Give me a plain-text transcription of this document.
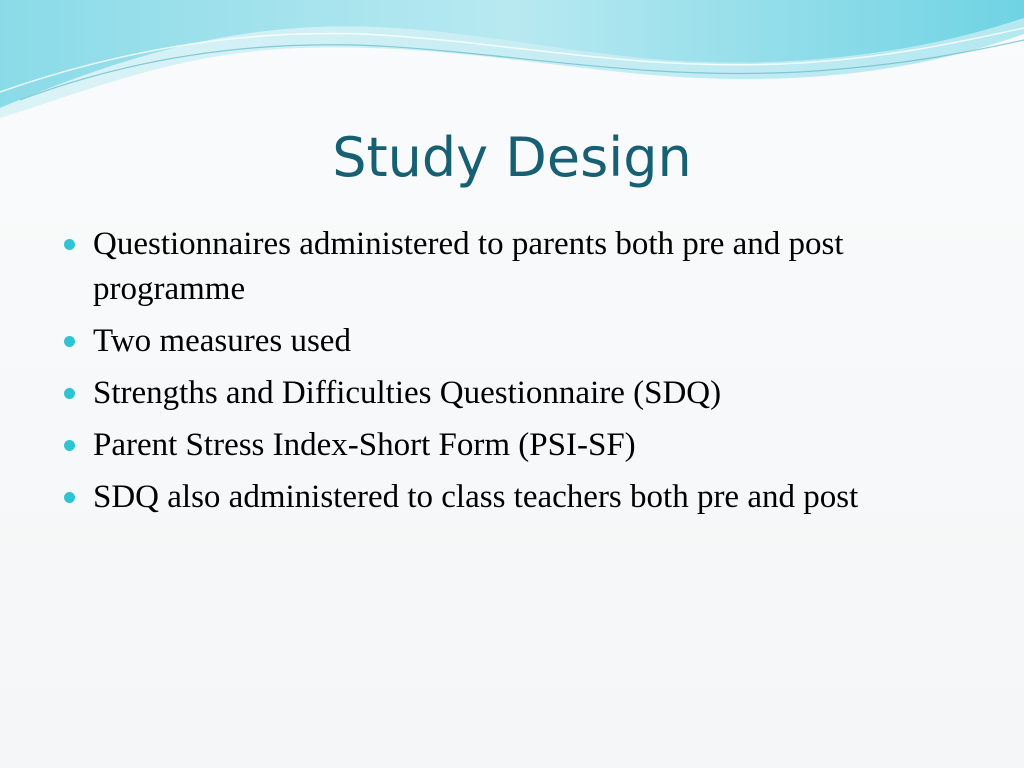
Study Design
Questionnaires administered to parents both pre and post programme
Two measures used
Strengths and Difficulties Questionnaire (SDQ)
Parent Stress Index-Short Form (PSI-SF)
SDQ also administered to class teachers both pre and post
